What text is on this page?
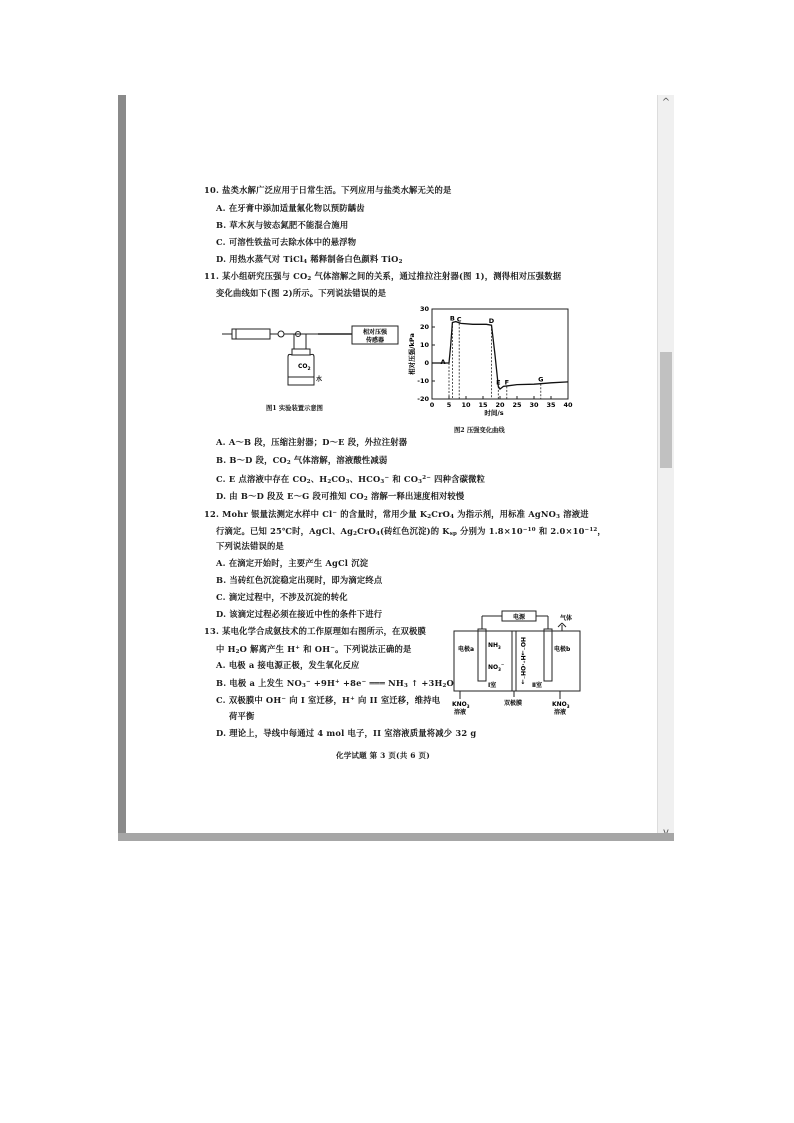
10. 盐类水解广泛应用于日常生活。下列应用与盐类水解无关的是
A. 在牙膏中添加适量氟化物以预防龋齿
B. 草木灰与铵态氮肥不能混合施用
C. 可溶性铁盐可去除水体中的悬浮物
D. 用热水蒸气对 TiCl$_4$ 稀释制备白色颜料 TiO$_2$
11. 某小组研究压强与 $CO_2$ 气体溶解之间的关系，通过推拉注射器(图 1)，测得相对压强数据
变化曲线如下(图 2)所示。下列说法错误的是
相对压强
传感器
$CO_2$
水
图1 实验装置示意图
30
20
10
0
-10
-20
0 5 10 15 20 25 30 35 40
时间/s
相对压强/kPa	A
B C	D
E F	G
图2 压强变化曲线
A. A～B 段，压缩注射器；D～E 段，外拉注射器
B. B～D 段，$CO_2$ 气体溶解，溶液酸性减弱
C. E 点溶液中存在 $CO_2$、$H_2CO_3$、$HCO_3^-$ 和 $CO_3^{2-}$ 四种含碳微粒
D. 由 B～D 段及 E～G 段可推知 $CO_2$ 溶解一释出速度相对较慢
12. Mohr 银量法测定水样中 Cl− 的含量时，常用少量 $K_2CrO_4$ 为指示剂，用标准 AgNO$_3$ 溶液进
行滴定。已知 25℃时，AgCl、$Ag_2CrO_4$(砖红色沉淀)的 $K_{sp}$ 分别为 $1.8\times 10^{-10}$ 和 $2.0\times 10^{-12}$，
下列说法错误的是
A. 在滴定开始时，主要产生 AgCl 沉淀
B. 当砖红色沉淀稳定出现时，即为滴定终点
C. 滴定过程中，不涉及沉淀的转化
D. 该滴定过程必须在接近中性的条件下进行
13. 某电化学合成氨技术的工作原理如右图所示，在双极膜
中 $H_2O$ 解离产生 H+ 和 OH−。下列说法正确的是
A. 电极 a 接电源正极，发生氧化反应
B. 电极 a 上发生 $NO_3^- +9H^+ +8e^-$ ═══ $NH_3$ ↑ $+3H_2O$
C. 双极膜中 OH− 向 I 室迁移，H+ 向 II 室迁移，维持电
荷平衡
D. 理论上，导线中每通过 4 mol 电子，II 室溶液质量将减少 32 g
电源	气体
电极a	电极b
$NH_3$
$NO_3^-$ HO⁻→H⁺·OH⁻→
Ⅰ室	Ⅱ室
$KNO_3$
溶液
双极膜	$KNO_3$
溶液
化学试题 第 3 页(共 6 页)
^
